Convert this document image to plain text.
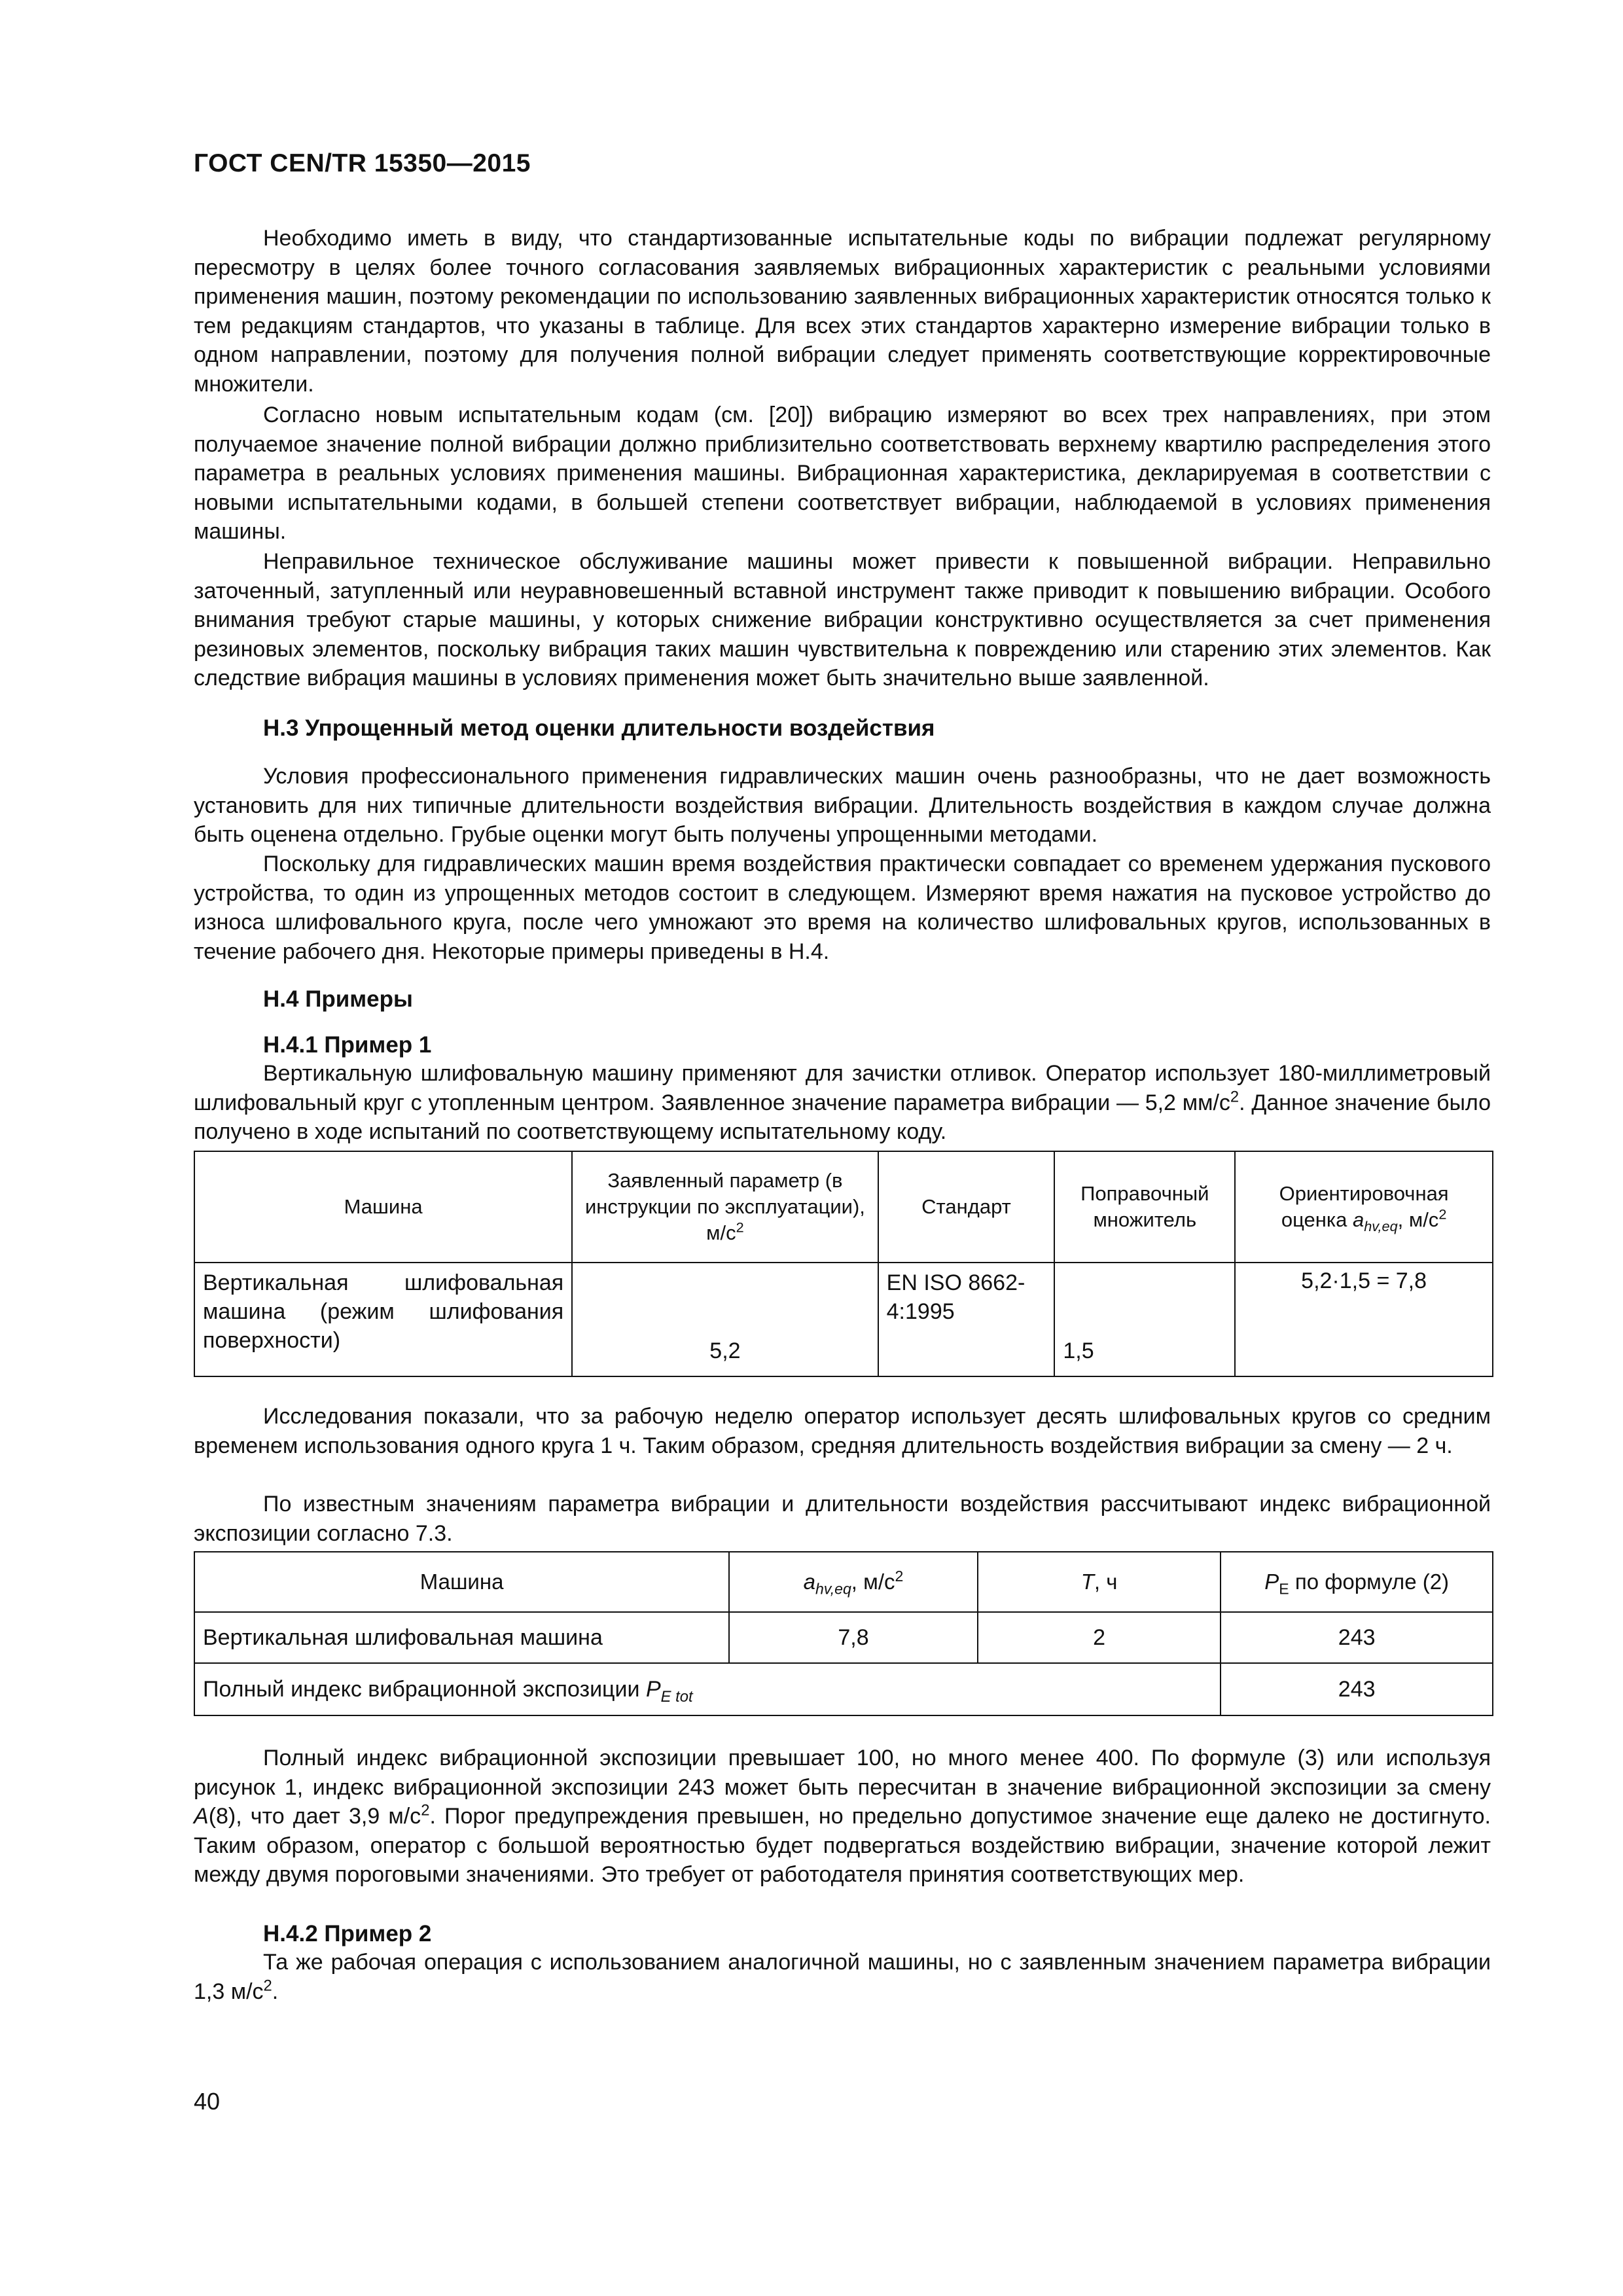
ГОСТ CEN/TR 15350—2015

Необходимо иметь в виду, что стандартизованные испытательные коды по вибрации подлежат регулярному пересмотру в целях более точного согласования заявляемых вибрационных характеристик с реальными условиями применения машин, поэтому рекомендации по использованию заявленных вибрационных характеристик относятся только к тем редакциям стандартов, что указаны в таблице. Для всех этих стандартов характерно измерение вибрации только в одном направлении, поэтому для получения полной вибрации следует применять соответствующие корректировочные множители.

Согласно новым испытательным кодам (см. [20]) вибрацию измеряют во всех трех направлениях, при этом получаемое значение полной вибрации должно приблизительно соответствовать верхнему квартилю распределения этого параметра в реальных условиях применения машины. Вибрационная характеристика, декларируемая в соответствии с новыми испытательными кодами, в большей степени соответствует вибрации, наблюдаемой в условиях применения машины.

Неправильное техническое обслуживание машины может привести к повышенной вибрации. Неправильно заточенный, затупленный или неуравновешенный вставной инструмент также приводит к повышению вибрации. Особого внимания требуют старые машины, у которых снижение вибрации конструктивно осуществляется за счет применения резиновых элементов, поскольку вибрация таких машин чувствительна к повреждению или старению этих элементов. Как следствие вибрация машины в условиях применения может быть значительно выше заявленной.

Н.3 Упрощенный метод оценки длительности воздействия

Условия профессионального применения гидравлических машин очень разнообразны, что не дает возможность установить для них типичные длительности воздействия вибрации. Длительность воздействия в каждом случае должна быть оценена отдельно. Грубые оценки могут быть получены упрощенными методами.

Поскольку для гидравлических машин время воздействия практически совпадает со временем удержания пускового устройства, то один из упрощенных методов состоит в следующем. Измеряют время нажатия на пусковое устройство до износа шлифовального круга, после чего умножают это время на количество шлифовальных кругов, использованных в течение рабочего дня. Некоторые примеры приведены в Н.4.

Н.4 Примеры
Н.4.1 Пример 1

Вертикальную шлифовальную машину применяют для зачистки отливок. Оператор использует 180-миллиметровый шлифовальный круг с утопленным центром. Заявленное значение параметра вибрации — 5,2 $мм/с^2$. Данное значение было получено в ходе испытаний по соответствующему испытательному коду.

Машина	Заявленный параметр (в инструкции по эксплуатации), $м/с^2$	Стандарт	Поправочный множитель	Ориентировочная оценка $a_{hv,eq}$, $м/с^2$
Вертикальная шлифовальная машина (режим шлифования поверхности)	5,2	EN ISO 8662-4:1995	1,5	5,2·1,5 = 7,8

Исследования показали, что за рабочую неделю оператор использует десять шлифовальных кругов со средним временем использования одного круга 1 ч. Таким образом, средняя длительность воздействия вибрации за смену — 2 ч.

По известным значениям параметра вибрации и длительности воздействия рассчитывают индекс вибрационной экспозиции согласно 7.3.

Машина	$a_{hv,eq}$, $м/с^2$	T, ч	$P_E$ по формуле (2)
Вертикальная шлифовальная машина	7,8	2	243
Полный индекс вибрационной экспозиции $P_{E tot}$			243

Полный индекс вибрационной экспозиции превышает 100, но много менее 400. По формуле (3) или используя рисунок 1, индекс вибрационной экспозиции 243 может быть пересчитан в значение вибрационной экспозиции за смену A(8), что дает 3,9 $м/с^2$. Порог предупреждения превышен, но предельно допустимое значение еще далеко не достигнуто. Таким образом, оператор с большой вероятностью будет подвергаться воздействию вибрации, значение которой лежит между двумя пороговыми значениями. Это требует от работодателя принятия соответствующих мер.

Н.4.2 Пример 2

Та же рабочая операция с использованием аналогичной машины, но с заявленным значением параметра вибрации 1,3 $м/с^2$.

40
